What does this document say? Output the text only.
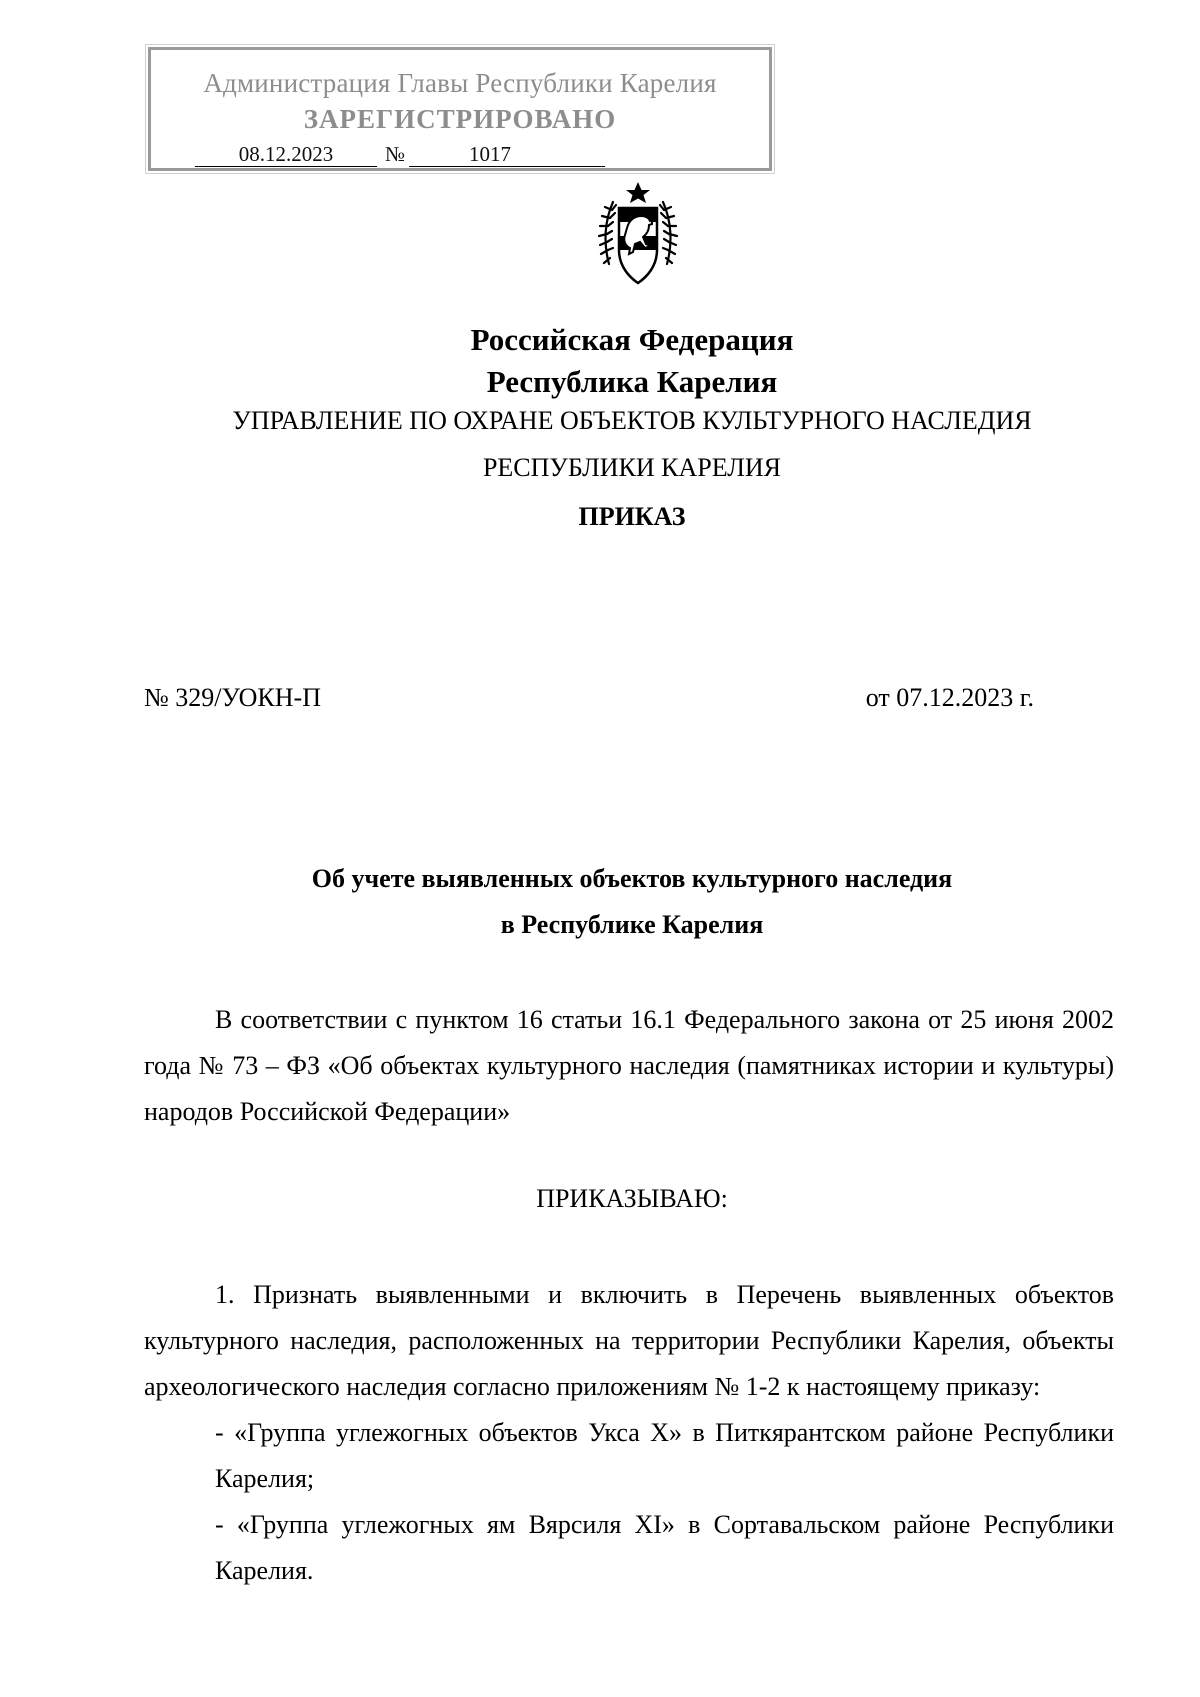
Администрация Главы Республики Карелия
ЗАРЕГИСТРИРОВАНО
08.12.2023	№	1017
Российская Федерация
Республика Карелия
УПРАВЛЕНИЕ ПО ОХРАНЕ ОБЪЕКТОВ КУЛЬТУРНОГО НАСЛЕДИЯ
РЕСПУБЛИКИ КАРЕЛИЯ
ПРИКАЗ
№ 329/УОКН-П	от 07.12.2023 г.
Об учете выявленных объектов культурного наследия
в Республике Карелия
В соответствии с пунктом 16 статьи 16.1 Федерального закона от 25 июня 2002 года № 73 – ФЗ «Об объектах культурного наследия (памятниках истории и культуры) народов Российской Федерации»
ПРИКАЗЫВАЮ:
1. Признать выявленными и включить в Перечень выявленных объектов культурного наследия, расположенных на территории Республики Карелия, объекты археологического наследия согласно приложениям № 1-2 к настоящему приказу:
- «Группа углежогных объектов Укса X» в Питкярантском районе Республики Карелия;
- «Группа углежогных ям Вярсиля XI» в Сортавальском районе Республики Карелия.
